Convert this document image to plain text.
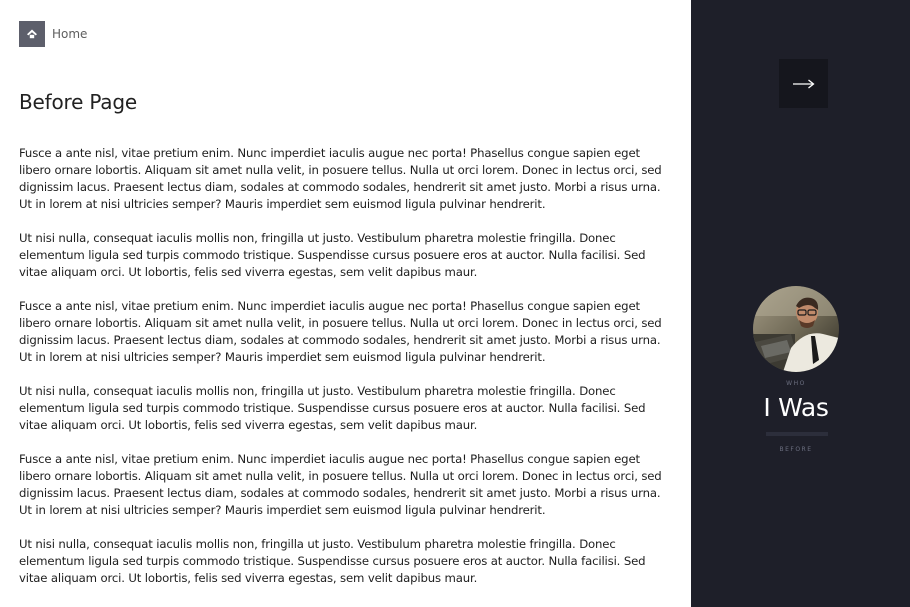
Home
Before Page

Fusce a ante nisl, vitae pretium enim. Nunc imperdiet iaculis augue nec porta! Phasellus congue sapien eget libero ornare lobortis. Aliquam sit amet nulla velit, in posuere tellus. Nulla ut orci lorem. Donec in lectus orci, sed dignissim lacus. Praesent lectus diam, sodales at commodo sodales, hendrerit sit amet justo. Morbi a risus urna. Ut in lorem at nisi ultricies semper? Mauris imperdiet sem euismod ligula pulvinar hendrerit.

Ut nisi nulla, consequat iaculis mollis non, fringilla ut justo. Vestibulum pharetra molestie fringilla. Donec elementum ligula sed turpis commodo tristique. Suspendisse cursus posuere eros at auctor. Nulla facilisi. Sed vitae aliquam orci. Ut lobortis, felis sed viverra egestas, sem velit dapibus maur.

Fusce a ante nisl, vitae pretium enim. Nunc imperdiet iaculis augue nec porta! Phasellus congue sapien eget libero ornare lobortis. Aliquam sit amet nulla velit, in posuere tellus. Nulla ut orci lorem. Donec in lectus orci, sed dignissim lacus. Praesent lectus diam, sodales at commodo sodales, hendrerit sit amet justo. Morbi a risus urna. Ut in lorem at nisi ultricies semper? Mauris imperdiet sem euismod ligula pulvinar hendrerit.

Ut nisi nulla, consequat iaculis mollis non, fringilla ut justo. Vestibulum pharetra molestie fringilla. Donec elementum ligula sed turpis commodo tristique. Suspendisse cursus posuere eros at auctor. Nulla facilisi. Sed vitae aliquam orci. Ut lobortis, felis sed viverra egestas, sem velit dapibus maur.

Fusce a ante nisl, vitae pretium enim. Nunc imperdiet iaculis augue nec porta! Phasellus congue sapien eget libero ornare lobortis. Aliquam sit amet nulla velit, in posuere tellus. Nulla ut orci lorem. Donec in lectus orci, sed dignissim lacus. Praesent lectus diam, sodales at commodo sodales, hendrerit sit amet justo. Morbi a risus urna. Ut in lorem at nisi ultricies semper? Mauris imperdiet sem euismod ligula pulvinar hendrerit.

Ut nisi nulla, consequat iaculis mollis non, fringilla ut justo. Vestibulum pharetra molestie fringilla. Donec elementum ligula sed turpis commodo tristique. Suspendisse cursus posuere eros at auctor. Nulla facilisi. Sed vitae aliquam orci. Ut lobortis, felis sed viverra egestas, sem velit dapibus maur.

WHO
I Was
BEFORE
